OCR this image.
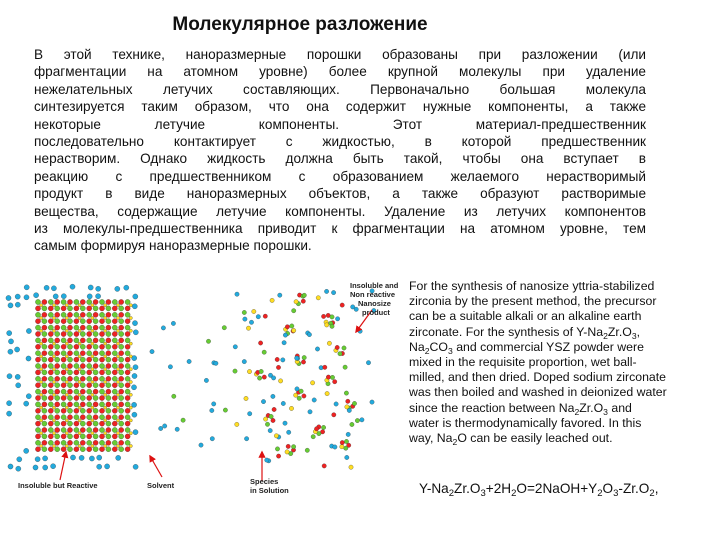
Молекулярное разложение
В этой технике, наноразмерные порошки образованы при разложении (или
фрагментации на атомном уровне) более крупной молекулы при удаление
нежелательных летучих составляющих. Первоначально большая молекула
синтезируется таким образом, что она содержит нужные компоненты, а также
некоторые летучие компоненты. Этот материал-предшественник
последовательно контактирует с жидкостью, в которой предшественник
нерастворим. Однако жидкость должна быть такой, чтобы она вступает в
реакцию с предшественником с образованием желаемого нерастворимый
продукт в виде наноразмерных объектов, а также образуют растворимые
вещества, содержащие летучие компоненты. Удаление из летучих компонентов
из молекулы-предшественника приводит к фрагментации на атомном уровне, тем
самым формируя наноразмерные порошки.
For the synthesis of nanosize yttria-stabilized
zirconia by the present method, the precursor
can be a suitable alkali or an alkaline earth
zirconate. For the synthesis of $Y-Na_2Zr.O_3$,
$Na_2CO_3$ and commercial YSZ powder were
mixed in the requisite proportion, wet ball-
milled, and then dried. Doped sodium zirconate
was then boiled and washed in deionized water
since the reaction between $Na_2Zr.O_3$ and
water is thermodynamically favored. In this
way, $Na_2O$ can be easily leached out.
$Y-Na_2Zr.O_3+2H_2O=2NaOH+Y_2O_3-Zr.O_2$,
Insoluble but Reactive	Solvent	Species
in Solution
Insoluble and
Non reactive
Nanosize
product
